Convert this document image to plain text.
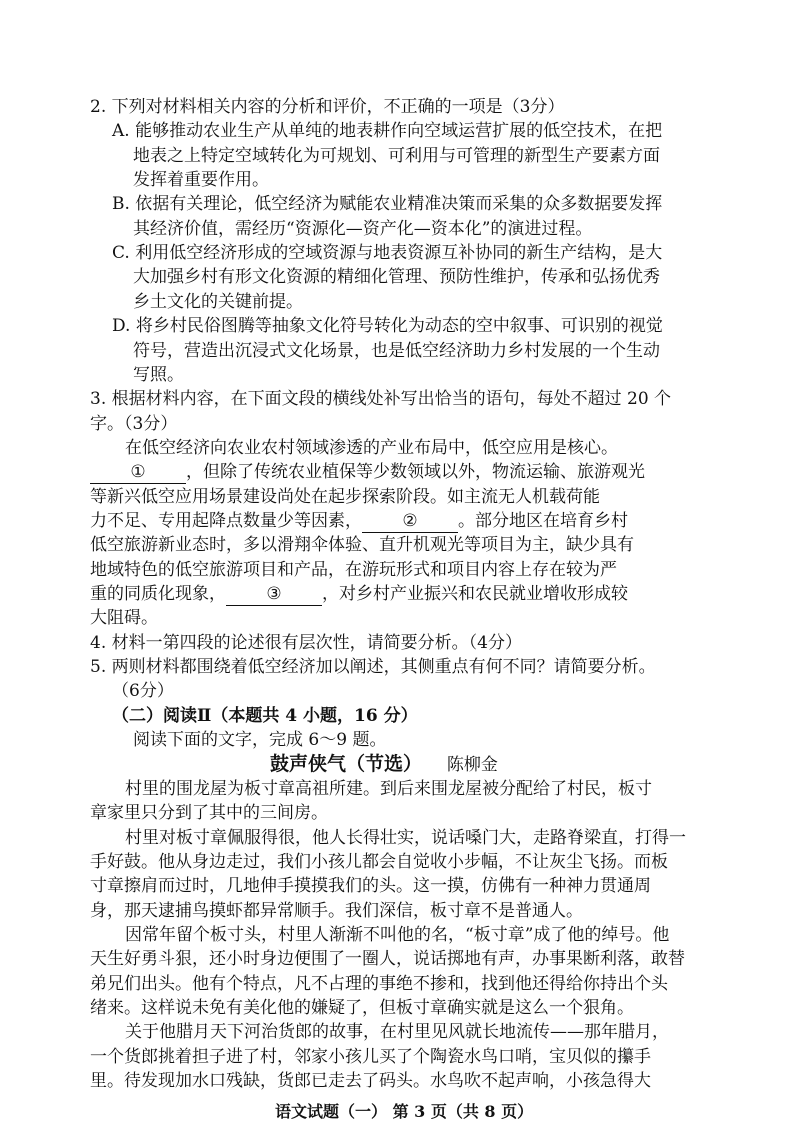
2. 下列对材料相关内容的分析和评价，不正确的一项是（3分）
A. 能够推动农业生产从单纯的地表耕作向空域运营扩展的低空技术，在把
地表之上特定空域转化为可规划、可利用与可管理的新型生产要素方面
发挥着重要作用。
B. 依据有关理论，低空经济为赋能农业精准决策而采集的众多数据要发挥
其经济价值，需经历“资源化—资产化—资本化”的演进过程。
C. 利用低空经济形成的空域资源与地表资源互补协同的新生产结构，是大
大加强乡村有形文化资源的精细化管理、预防性维护，传承和弘扬优秀
乡土文化的关键前提。
D. 将乡村民俗图腾等抽象文化符号转化为动态的空中叙事、可识别的视觉
符号，营造出沉浸式文化场景，也是低空经济助力乡村发展的一个生动
写照。
3. 根据材料内容，在下面文段的横线处补写出恰当的语句，每处不超过 20 个
字。（3分）
在低空经济向农业农村领域渗透的产业布局中，低空应用是核心。
① ，但除了传统农业植保等少数领域以外，物流运输、旅游观光
等新兴低空应用场景建设尚处在起步探索阶段。如主流无人机载荷能
力不足、专用起降点数量少等因素， ② 。部分地区在培育乡村
低空旅游新业态时，多以滑翔伞体验、直升机观光等项目为主，缺少具有
地域特色的低空旅游项目和产品，在游玩形式和项目内容上存在较为严
重的同质化现象， ③ ，对乡村产业振兴和农民就业增收形成较
大阻碍。
4. 材料一第四段的论述很有层次性，请简要分析。（4分）
5. 两则材料都围绕着低空经济加以阐述，其侧重点有何不同？请简要分析。
（6分）
（二）阅读Ⅱ（本题共 4 小题，16 分）
阅读下面的文字，完成 6～9 题。
鼓声侠气（节选） 陈柳金
村里的围龙屋为板寸章高祖所建。到后来围龙屋被分配给了村民，板寸
章家里只分到了其中的三间房。
村里对板寸章佩服得很，他人长得壮实，说话嗓门大，走路脊梁直，打得一
手好鼓。他从身边走过，我们小孩儿都会自觉收小步幅，不让灰尘飞扬。而板
寸章擦肩而过时，几地伸手摸摸我们的头。这一摸，仿佛有一种神力贯通周
身，那天逮捕鸟摸虾都异常顺手。我们深信，板寸章不是普通人。
因常年留个板寸头，村里人渐渐不叫他的名，“板寸章”成了他的绰号。他
天生好勇斗狠，还小时身边便围了一圈人，说话掷地有声，办事果断利落，敢替
弟兄们出头。他有个特点，凡不占理的事绝不掺和，找到他还得给你持出个头
绪来。这样说未免有美化他的嫌疑了，但板寸章确实就是这么一个狠角。
关于他腊月天下河治货郎的故事，在村里见风就长地流传——那年腊月，
一个货郎挑着担子进了村，邻家小孩儿买了个陶瓷水鸟口哨，宝贝似的攥手
里。待发现加水口残缺，货郎已走去了码头。水鸟吹不起声响，小孩急得大
语文试题（一） 第 3 页（共 8 页）
